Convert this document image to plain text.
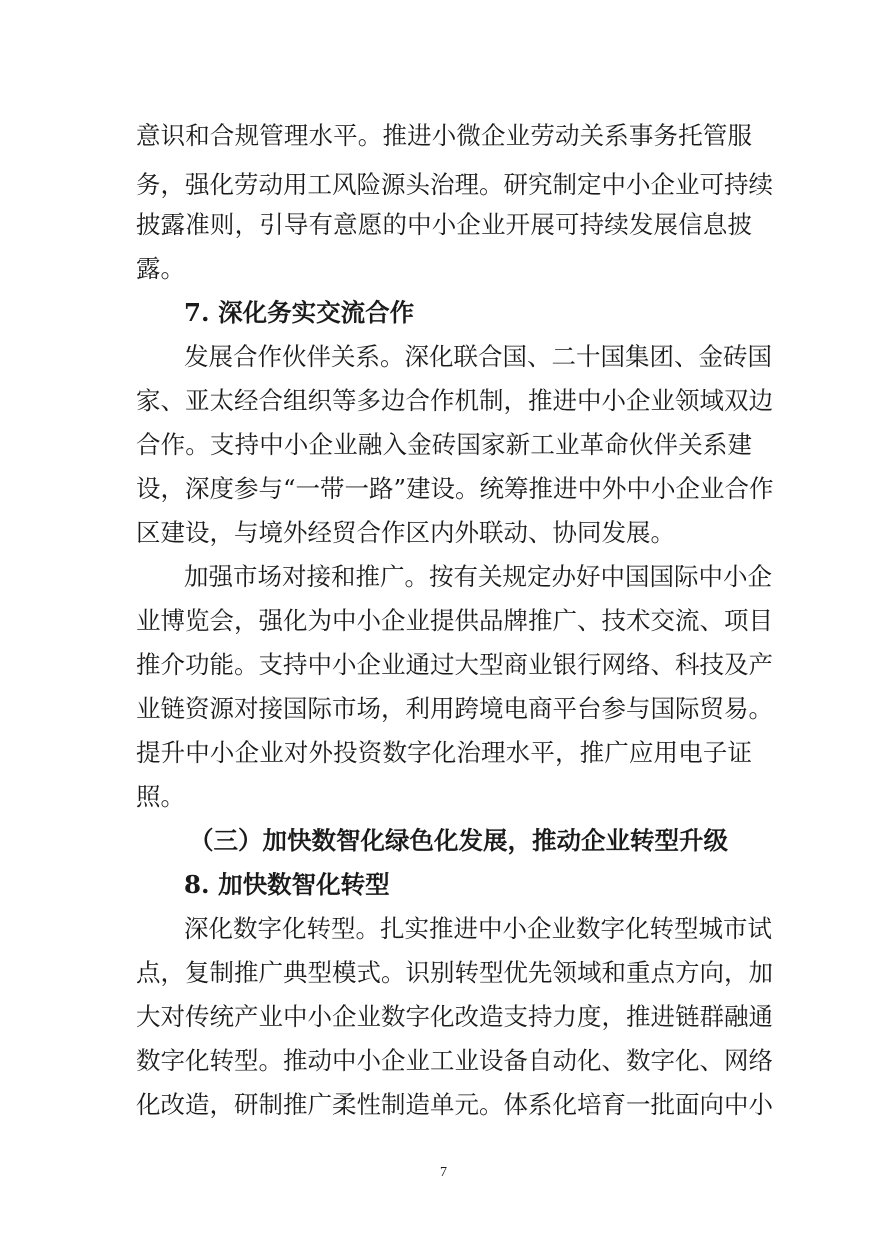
意识和合规管理水平。推进小微企业劳动关系事务托管服
务，强化劳动用工风险源头治理。研究制定中小企业可持续
披露准则，引导有意愿的中小企业开展可持续发展信息披
露。
7. 深化务实交流合作
发展合作伙伴关系。深化联合国、二十国集团、金砖国
家、亚太经合组织等多边合作机制，推进中小企业领域双边
合作。支持中小企业融入金砖国家新工业革命伙伴关系建
设，深度参与“一带一路”建设。统筹推进中外中小企业合作
区建设，与境外经贸合作区内外联动、协同发展。
加强市场对接和推广。按有关规定办好中国国际中小企
业博览会，强化为中小企业提供品牌推广、技术交流、项目
推介功能。支持中小企业通过大型商业银行网络、科技及产
业链资源对接国际市场，利用跨境电商平台参与国际贸易。
提升中小企业对外投资数字化治理水平，推广应用电子证
照。
（三）加快数智化绿色化发展，推动企业转型升级
8. 加快数智化转型
深化数字化转型。扎实推进中小企业数字化转型城市试
点，复制推广典型模式。识别转型优先领域和重点方向，加
大对传统产业中小企业数字化改造支持力度，推进链群融通
数字化转型。推动中小企业工业设备自动化、数字化、网络
化改造，研制推广柔性制造单元。体系化培育一批面向中小
7
